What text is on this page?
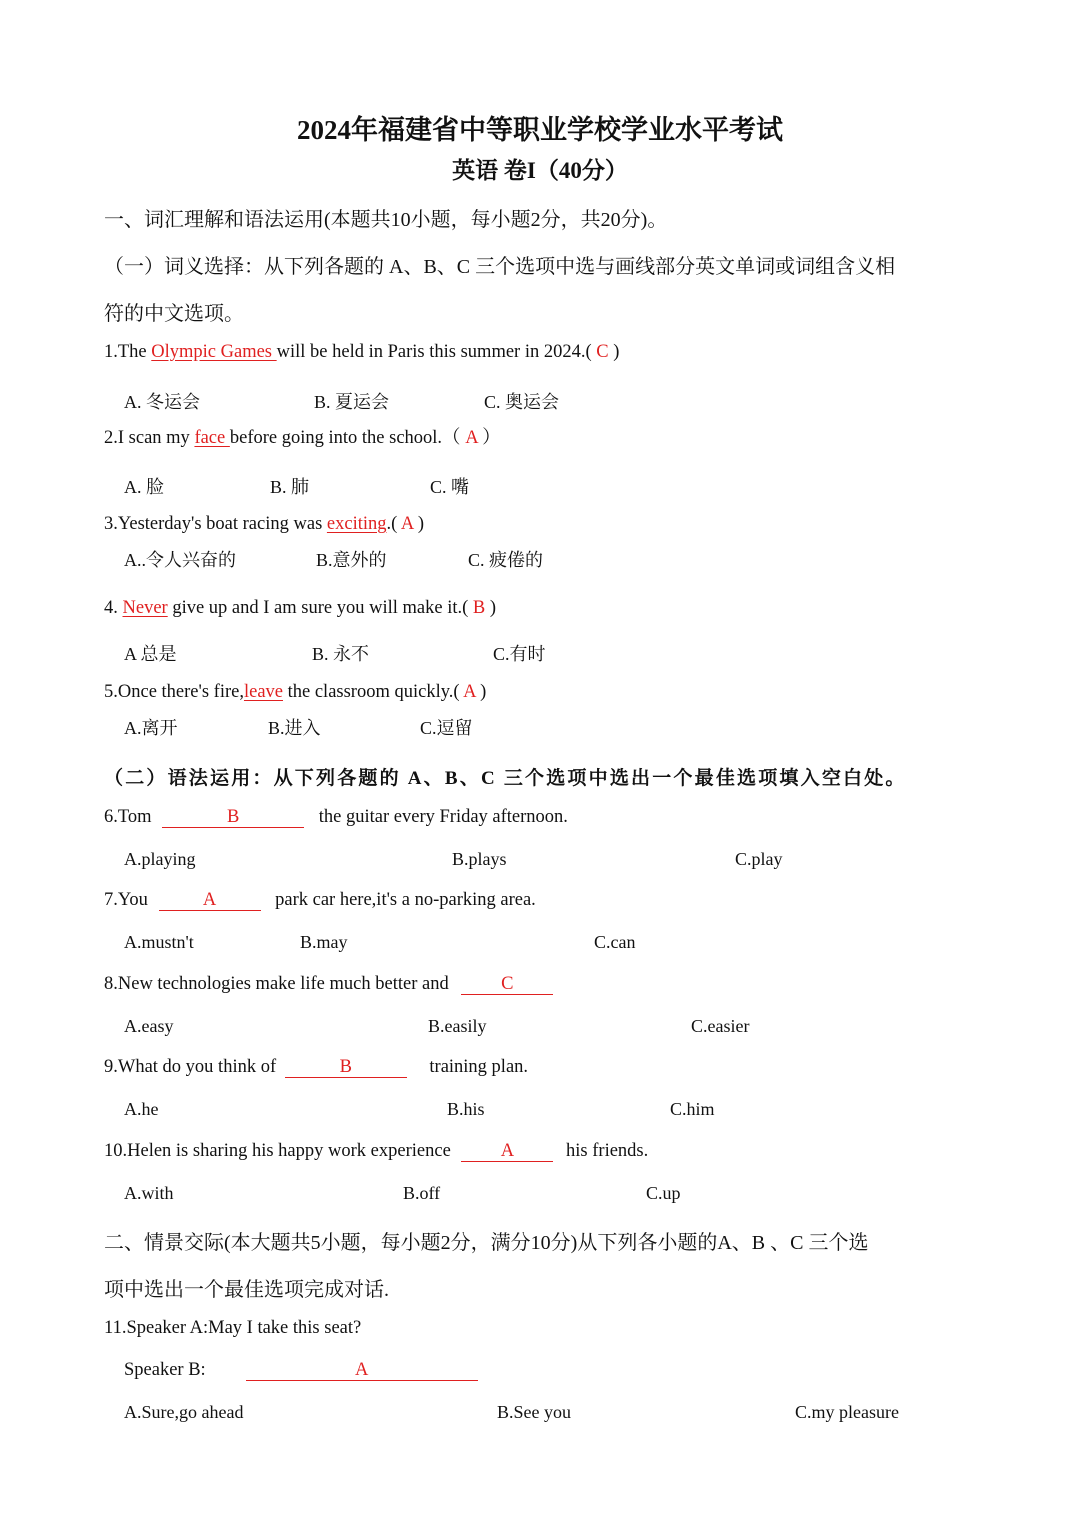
2024年福建省中等职业学校学业水平考试
英语 卷I（40分）
一、词汇理解和语法运用(本题共10小题，每小题2分，共20分)。
（一）词义选择：从下列各题的 A、B、C 三个选项中选与画线部分英文单词或词组含义相
符的中文选项。
1.The Olympic Games will be held in Paris this summer in 2024.( C )
A. 冬运会	B. 夏运会	C. 奥运会
2.I scan my face before going into the school.（ A ）
A. 脸	B. 肺	C. 嘴
3.Yesterday's boat racing was exciting.( A )
A..令人兴奋的	B.意外的	C. 疲倦的
4. Never give up and I am sure you will make it.( B )
A 总是	B. 永不	C.有时
5.Once there's fire,leave the classroom quickly.( A )
A.离开	B.进入	C.逗留
（二）语法运用：从下列各题的 A、B、C 三个选项中选出一个最佳选项填入空白处。
6.Tom	B	the guitar every Friday afternoon.
A.playing	B.plays	C.play
7.You	A	park car here,it's a no-parking area.
A.mustn't	B.may	C.can
8.New technologies make life much better and	C
A.easy	B.easily	C.easier
9.What do you think of	B	training plan.
A.he	B.his	C.him
10.Helen is sharing his happy work experience A	his friends.
A.with	B.off	C.up
二、情景交际(本大题共5小题，每小题2分，满分10分)从下列各小题的A、B 、C 三个选
项中选出一个最佳选项完成对话.
11.Speaker A:May I take this seat?
Speaker B:	A
A.Sure,go ahead	B.See you	C.my pleasure
